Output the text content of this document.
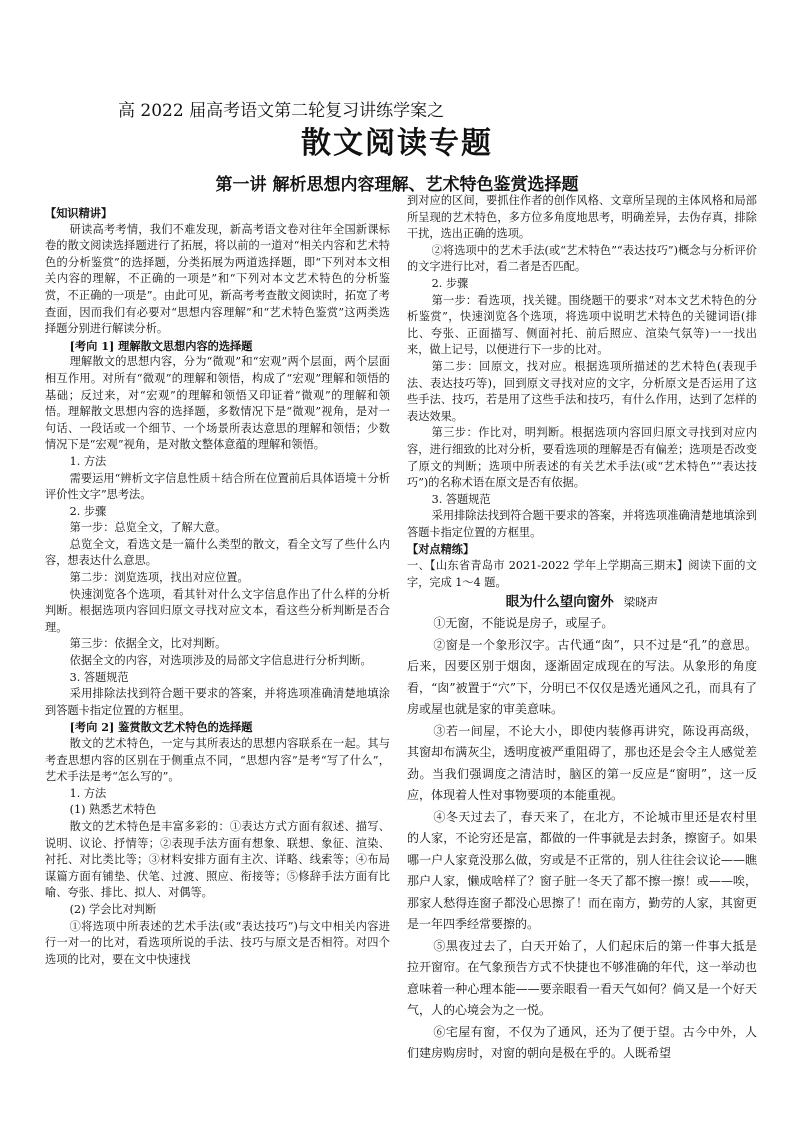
高 2022 届高考语文第二轮复习讲练学案之
散文阅读专题
第一讲 解析思想内容理解、艺术特色鉴赏选择题

【知识精讲】

研读高考考情，我们不难发现，新高考语文卷对往年全国新课标卷的散文阅读选择题进行了拓展，将以前的一道对“相关内容和艺术特色的分析鉴赏”的选择题，分类拓展为两道选择题，即“下列对本文相关内容的理解，不正确的一项是”和“下列对本文艺术特色的分析鉴赏，不正确的一项是”。由此可见，新高考考查散文阅读时，拓宽了考查面，因而我们有必要对“思想内容理解”和“艺术特色鉴赏”这两类选择题分别进行解读分析。

[考向 1] 理解散文思想内容的选择题

理解散文的思想内容，分为“微观”和“宏观”两个层面，两个层面相互作用。对所有“微观”的理解和领悟，构成了“宏观”理解和领悟的基础；反过来，对“宏观”的理解和领悟又印证着“微观”的理解和领悟。理解散文思想内容的选择题，多数情况下是“微观”视角，是对一句话、一段话或一个细节、一个场景所表达意思的理解和领悟；少数情况下是“宏观”视角，是对散文整体意蕴的理解和领悟。

1. 方法

需要运用“辨析文字信息性质＋结合所在位置前后具体语境＋分析评价性文字”思考法。

2. 步骤

第一步：总览全文，了解大意。

总览全文，看选文是一篇什么类型的散文，看全文写了些什么内容，想表达什么意思。

第二步：浏览选项，找出对应位置。

快速浏览各个选项，看其针对什么文字信息作出了什么样的分析判断。根据选项内容回归原文寻找对应文本，看这些分析判断是否合理。

第三步：依据全文，比对判断。

依据全文的内容，对选项涉及的局部文字信息进行分析判断。

3. 答题规范

采用排除法找到符合题干要求的答案，并将选项准确清楚地填涂到答题卡指定位置的方框里。

[考向 2] 鉴赏散文艺术特色的选择题

散文的艺术特色，一定与其所表达的思想内容联系在一起。其与考查思想内容的区别在于侧重点不同，“思想内容”是考“写了什么”，艺术手法是考“怎么写的”。

1. 方法

(1) 熟悉艺术特色

散文的艺术特色是丰富多彩的：①表达方式方面有叙述、描写、说明、议论、抒情等；②表现手法方面有想象、联想、象征、渲染、衬托、对比类比等；③材料安排方面有主次、详略、线索等；④布局谋篇方面有铺垫、伏笔、过渡、照应、衔接等；⑤修辞手法方面有比喻、夸张、排比、拟人、对偶等。

(2) 学会比对判断

①将选项中所表述的艺术手法(或“表达技巧”)与文中相关内容进行一对一的比对，看选项所说的手法、技巧与原文是否相符。对四个选项的比对，要在文中快速找

到对应的区间，要抓住作者的创作风格、文章所呈现的主体风格和局部所呈现的艺术特色，多方位多角度地思考，明确差异，去伪存真，排除干扰，选出正确的选项。

②将选项中的艺术手法(或“艺术特色”“表达技巧”)概念与分析评价的文字进行比对，看二者是否匹配。

2. 步骤

第一步：看选项，找关键。围绕题干的要求“对本文艺术特色的分析鉴赏”，快速浏览各个选项，将选项中说明艺术特色的关键词语(排比、夸张、正面描写、侧面衬托、前后照应、渲染气氛等)一一找出来，做上记号，以便进行下一步的比对。

第二步：回原文，找对应。根据选项所描述的艺术特色(表现手法、表达技巧等)，回到原文寻找对应的文字，分析原文是否运用了这些手法、技巧，若是用了这些手法和技巧，有什么作用，达到了怎样的表达效果。

第三步：作比对，明判断。根据选项内容回归原文寻找到对应内容，进行细致的比对分析，要看选项的理解是否有偏差；选项是否改变了原文的判断；选项中所表述的有关艺术手法(或“艺术特色”“表达技巧”)的名称术语在原文是否有依据。

3. 答题规范

采用排除法找到符合题干要求的答案，并将选项准确清楚地填涂到答题卡指定位置的方框里。

【对点精练】

一、【山东省青岛市 2021-2022 学年上学期高三期末】阅读下面的文字，完成 1～4 题。

眼为什么望向窗外 梁晓声

①无窗，不能说是房子，或屋子。

②窗是一个象形汉字。古代通“囱”，只不过是“孔”的意思。后来，因要区别于烟囱，逐渐固定成现在的写法。从象形的角度看，“囱”被置于“穴”下，分明已不仅仅是透光通风之孔，而具有了房或屋也就是家的审美意味。

③若一间屋，不论大小，即使内装修再讲究，陈设再高级，其窗却布满灰尘，透明度被严重阻碍了，那也还是会令主人感觉差劲。当我们强调度之清洁时，脑区的第一反应是“窗明”，这一反应，体现着人性对事物要项的本能重视。

④冬天过去了，春天来了，在北方，不论城市里还是农村里的人家，不论穷还是富，都做的一件事就是去封条，擦窗子。如果哪一户人家竟没那么做，穷或是不正常的，别人往往会议论——瞧那户人家，懒成啥样了？窗子脏一冬天了都不擦一擦！或——唉，那家人愁得连窗子都没心思擦了！而在南方，勤劳的人家，其窗更是一年四季经常要擦的。

⑤黑夜过去了，白天开始了，人们起床后的第一件事大抵是拉开窗帘。在气象预告方式不快捷也不够准确的年代，这一举动也意味着一种心理本能——要亲眼看一看天气如何？倘又是一个好天气，人的心境会为之一悦。

⑥宅屋有窗，不仅为了通风，还为了便于望。古今中外，人们建房购房时，对窗的朝向是极在乎的。人既希望
